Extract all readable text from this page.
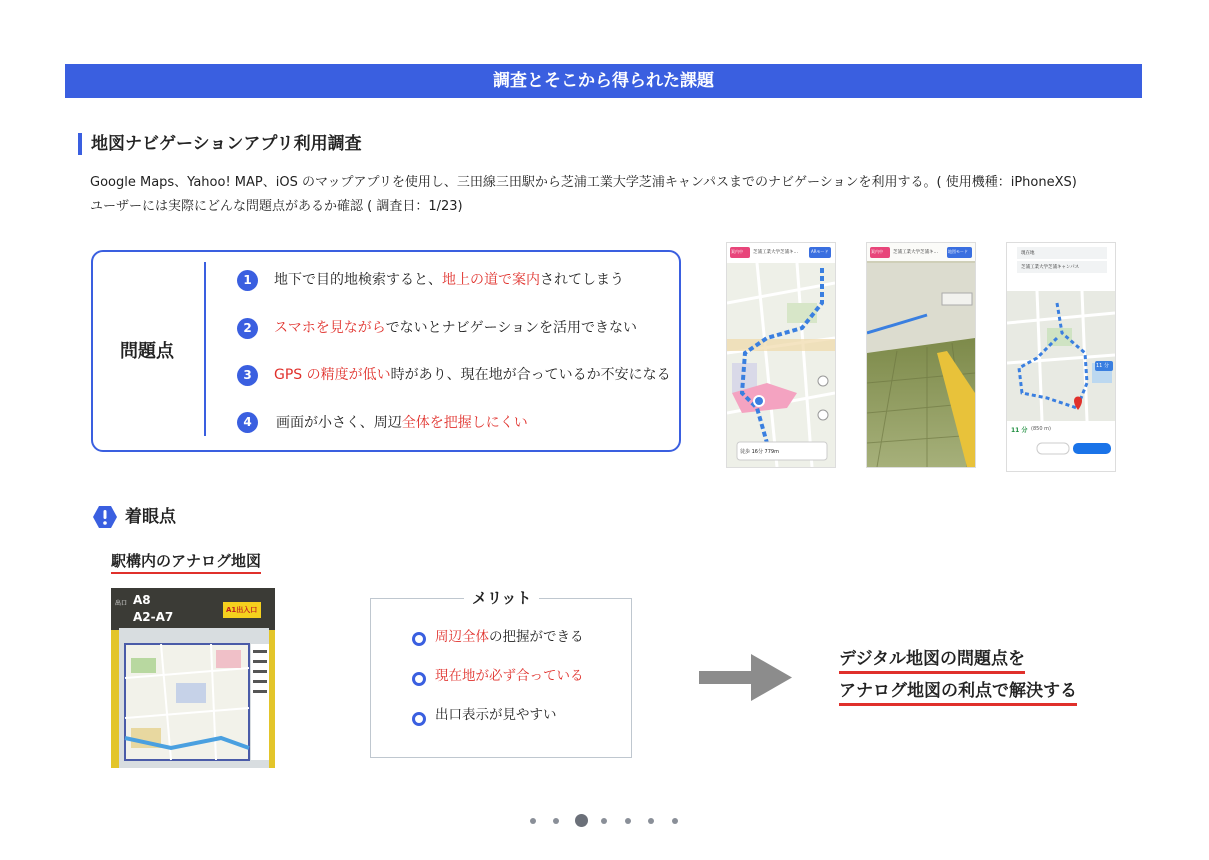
調査とそこから得られた課題
地図ナビゲーションアプリ利用調査
Google Maps、Yahoo! MAP、iOS のマップアプリを使用し、三田線三田駅から芝浦工業大学芝浦キャンパスまでのナビゲーションを利用する。( 使用機種：iPhoneXS)
ユーザーには実際にどんな問題点があるか確認 ( 調査日：1/23)
問題点
1	地下で目的地検索すると、地上の道で案内されてしまう
2	スマホを見ながらでないとナビゲーションを活用できない
3	GPS の精度が低い時があり、現在地が合っているか不安になる
4	画面が小さく、周辺全体を把握しにくい
徒歩 16分 779m
案内中 芝浦工業大学芝浦キ…	ARモード	案内中 芝浦工業大学芝浦キ…	地図モード	現在地
芝浦工業大学芝浦キャンパス
11 分 (850 m)
11 分
着眼点
駅構内のアナログ地図
A8
A2-A7
出口
A1出入口
メリット
周辺全体の把握ができる
現在地が必ず合っている
出口表示が見やすい
デジタル地図の問題点を
アナログ地図の利点で解決する
